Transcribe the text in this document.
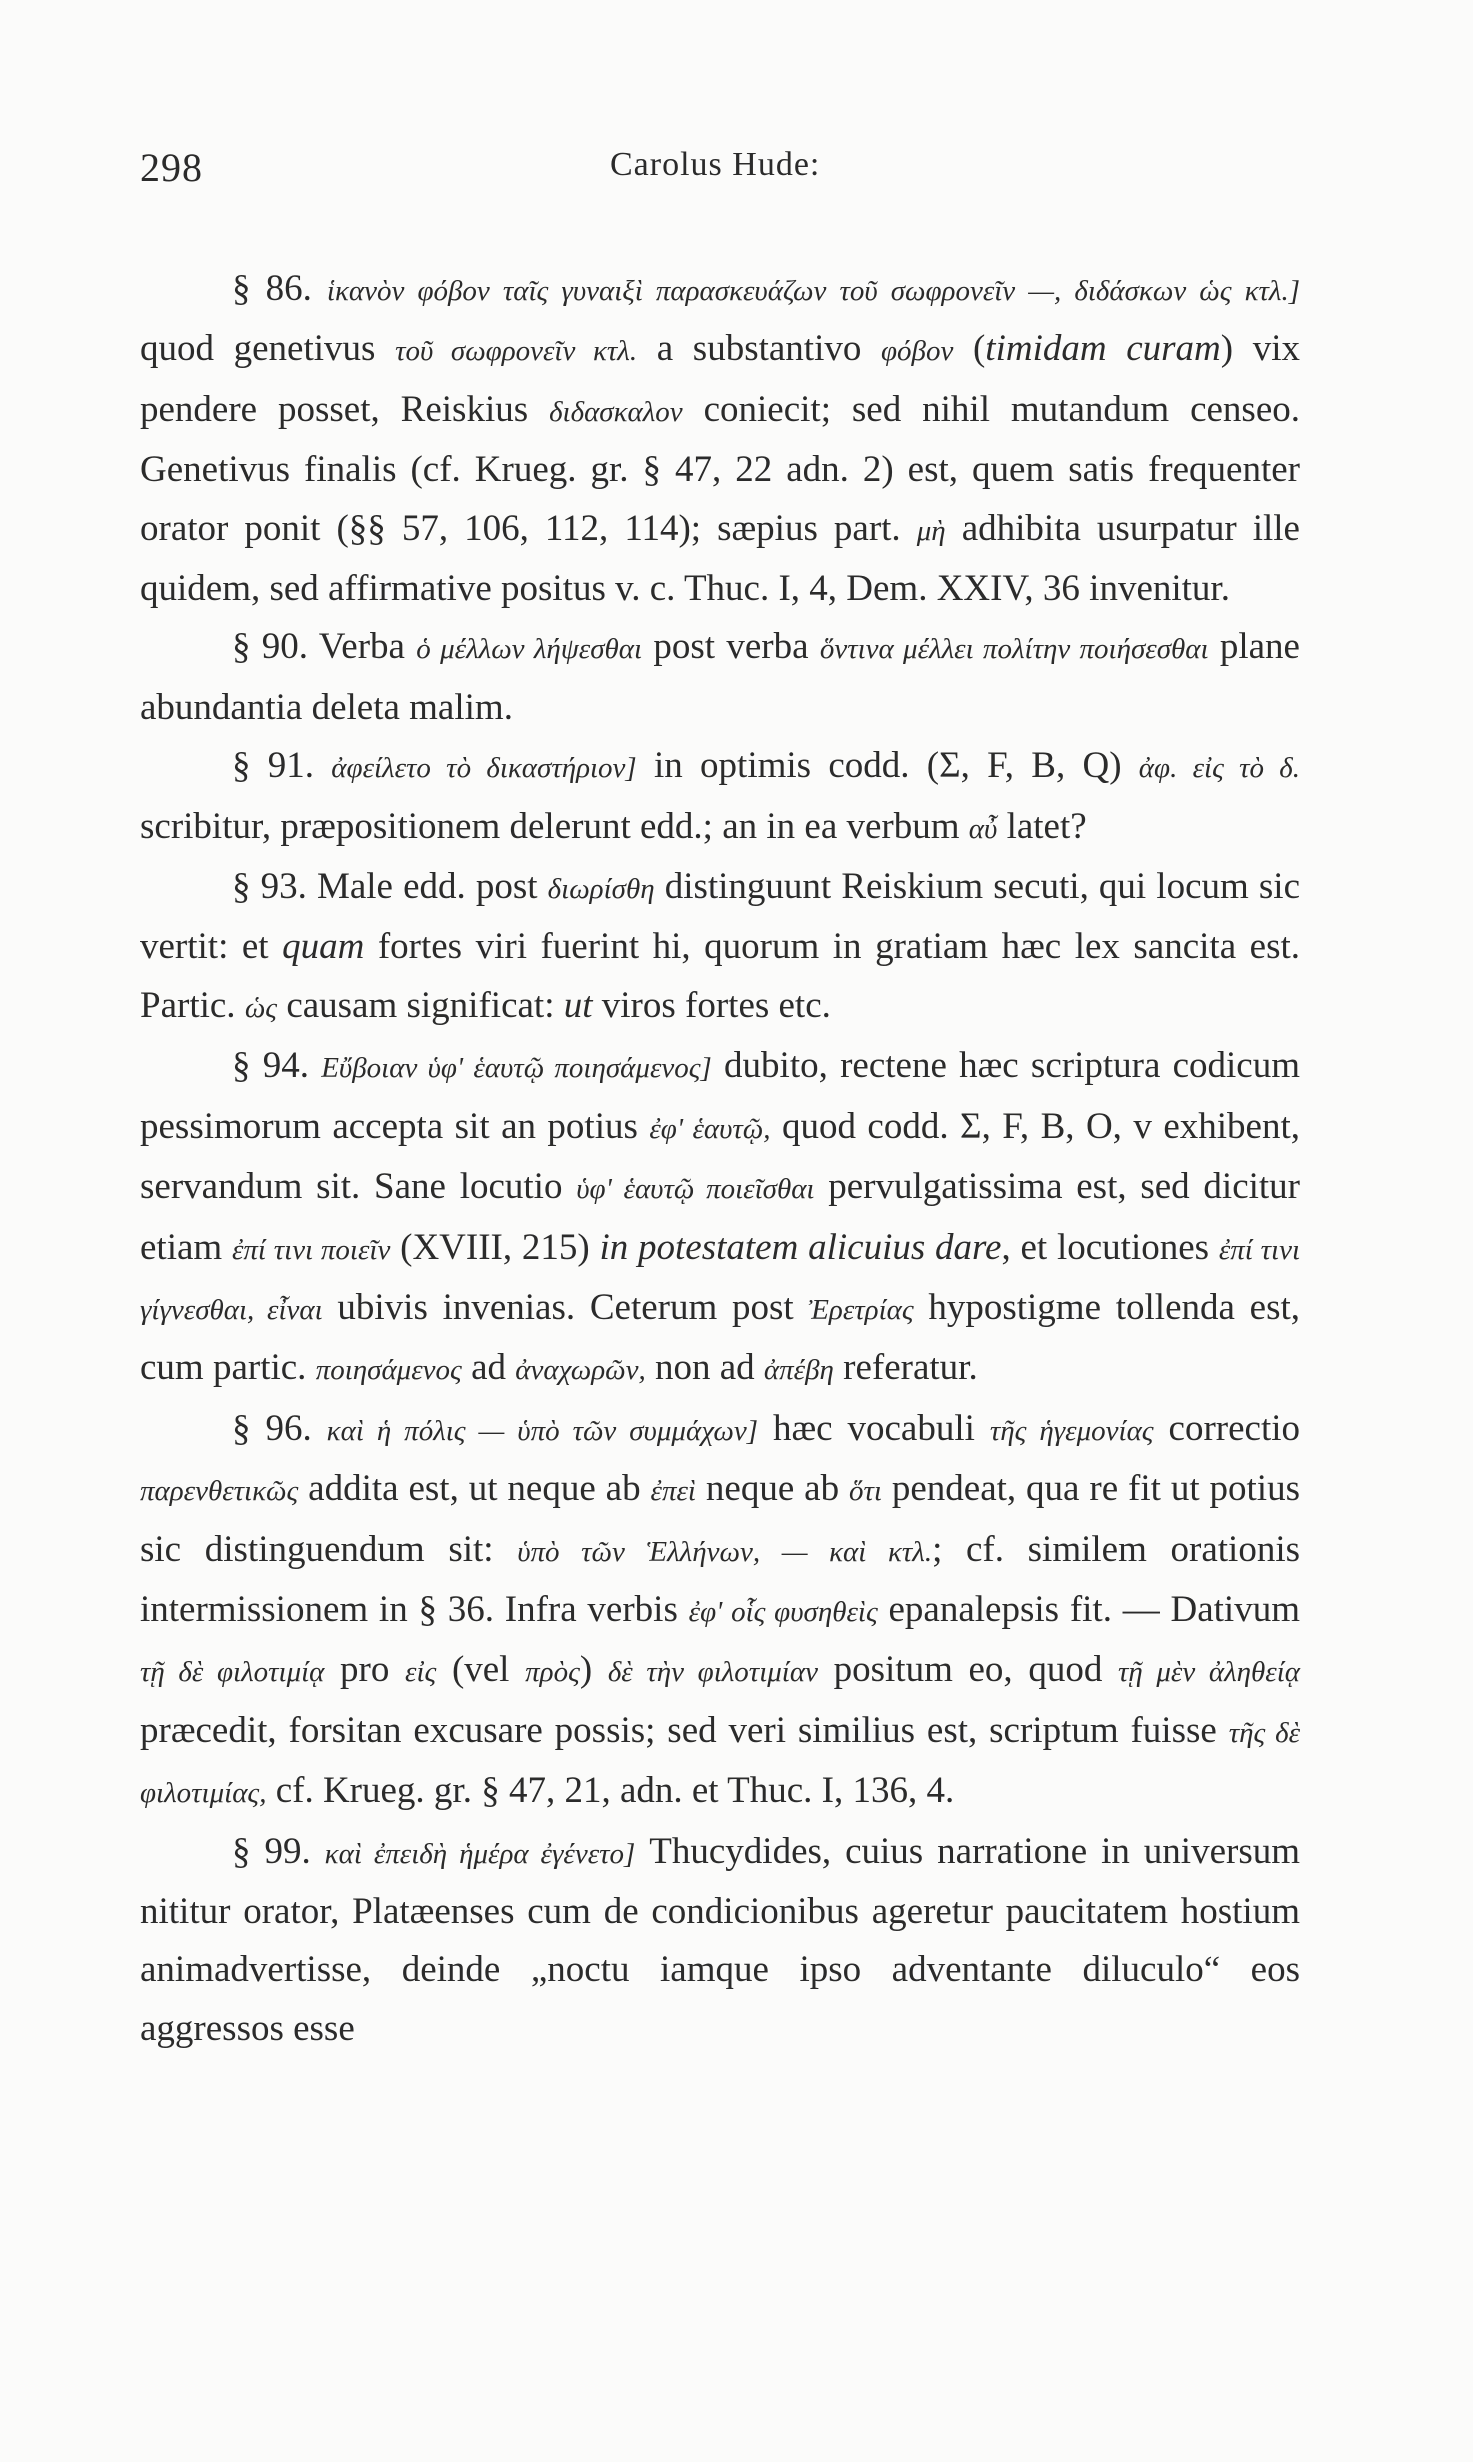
298	Carolus Hude:

§ 86. ἱκανὸν φόβον ταῖς γυναιξὶ παρασκευάζων τοῦ σωφρονεῖν —, διδάσκων ὡς κτλ.] quod genetivus τοῦ σωφρονεῖν κτλ. a substantivo φόβον (timidam curam) vix pendere posset, Reiskius διδασκαλον coniecit; sed nihil mutandum censeo. Genetivus finalis (cf. Krueg. gr. § 47, 22 adn. 2) est, quem satis frequenter orator ponit (§§ 57, 106, 112, 114); sæpius part. μὴ adhibita usurpatur ille quidem, sed affirmative positus v. c. Thuc. I, 4, Dem. XXIV, 36 invenitur.

§ 90. Verba ὁ μέλλων λήψεσθαι post verba ὅντινα μέλλει πολίτην ποιήσεσθαι plane abundantia deleta malim.

§ 91. ἀφείλετο τὸ δικαστήριον] in optimis codd. (Σ, F, B, Q) ἀφ. εἰς τὸ δ. scribitur, præpositionem delerunt edd.; an in ea verbum αὖ latet?

§ 93. Male edd. post διωρίσθη distinguunt Reiskium secuti, qui locum sic vertit: et quam fortes viri fuerint hi, quorum in gratiam hæc lex sancita est. Partic. ὡς causam significat: ut viros fortes etc.

§ 94. Εὔβοιαν ὑφ' ἑαυτῷ ποιησάμενος] dubito, rectene hæc scriptura codicum pessimorum accepta sit an potius ἐφ' ἑαυτῷ, quod codd. Σ, F, B, O, v exhibent, servandum sit. Sane locutio ὑφ' ἑαυτῷ ποιεῖσθαι pervulgatissima est, sed dicitur etiam ἐπί τινι ποιεῖν (XVIII, 215) in potestatem alicuius dare, et locutiones ἐπί τινι γίγνεσθαι, εἶναι ubivis invenias. Ceterum post Ἐρετρίας hypostigme tollenda est, cum partic. ποιησάμενος ad ἀναχωρῶν, non ad ἀπέβη referatur.

§ 96. καὶ ἡ πόλις — ὑπὸ τῶν συμμάχων] hæc vocabuli τῆς ἡγεμονίας correctio παρενθετικῶς addita est, ut neque ab ἐπεὶ neque ab ὅτι pendeat, qua re fit ut potius sic distinguendum sit: ὑπὸ τῶν Ἑλλήνων, — καὶ κτλ.; cf. similem orationis intermissionem in § 36. Infra verbis ἐφ' οἷς φυσηθεὶς epanalepsis fit. — Dativum τῇ δὲ φιλοτιμίᾳ pro εἰς (vel πρὸς) δὲ τὴν φιλοτιμίαν positum eo, quod τῇ μὲν ἀληθείᾳ præcedit, forsitan excusare possis; sed veri similius est, scriptum fuisse τῆς δὲ φιλοτιμίας, cf. Krueg. gr. § 47, 21, adn. et Thuc. I, 136, 4.

§ 99. καὶ ἐπειδὴ ἡμέρα ἐγένετο] Thucydides, cuius narratione in universum nititur orator, Platæenses cum de condicionibus ageretur paucitatem hostium animadvertisse, deinde „noctu iamque ipso adventante diluculo“ eos aggressos esse
